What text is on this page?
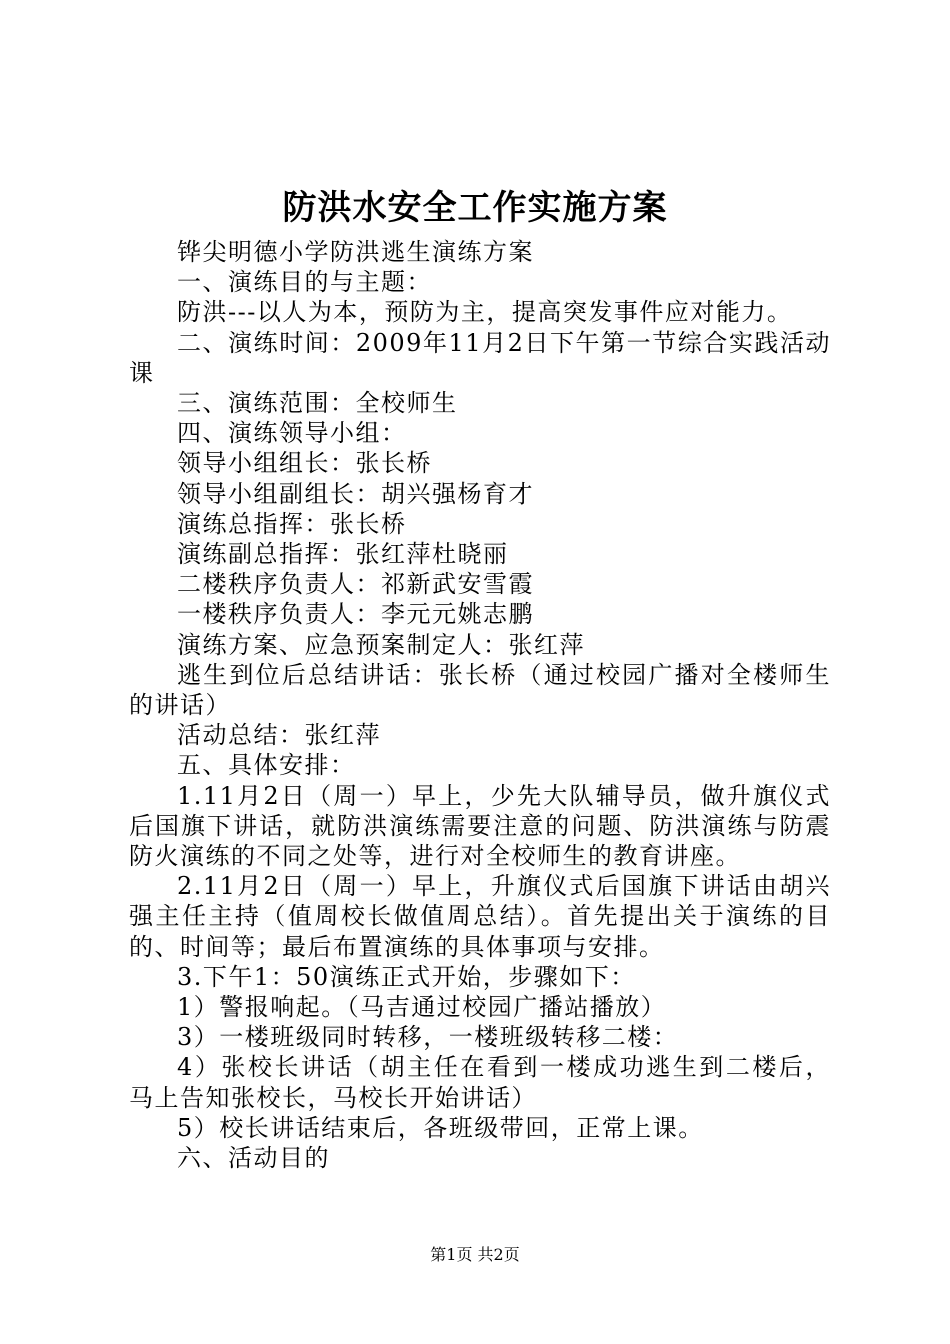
防洪水安全工作实施方案

铧尖明德小学防洪逃生演练方案

一、演练目的与主题：

防洪---以人为本，预防为主，提高突发事件应对能力。

二、演练时间：2009年11月2日下午第一节综合实践活动课

三、演练范围：全校师生

四、演练领导小组：

领导小组组长：张长桥

领导小组副组长：胡兴强杨育才

演练总指挥：张长桥

演练副总指挥：张红萍杜晓丽

二楼秩序负责人：祁新武安雪霞

一楼秩序负责人：李元元姚志鹏

演练方案、应急预案制定人：张红萍

逃生到位后总结讲话：张长桥（通过校园广播对全楼师生的讲话）

活动总结：张红萍

五、具体安排：

1.11月2日（周一）早上，少先大队辅导员，做升旗仪式后国旗下讲话，就防洪演练需要注意的问题、防洪演练与防震防火演练的不同之处等，进行对全校师生的教育讲座。

2.11月2日（周一）早上，升旗仪式后国旗下讲话由胡兴强主任主持（值周校长做值周总结）。首先提出关于演练的目的、时间等；最后布置演练的具体事项与安排。

3.下午1：50演练正式开始，步骤如下：

1）警报响起。（马吉通过校园广播站播放）

3）一楼班级同时转移，一楼班级转移二楼：

4）张校长讲话（胡主任在看到一楼成功逃生到二楼后，马上告知张校长，马校长开始讲话）

5）校长讲话结束后，各班级带回，正常上课。

六、活动目的

第1页 共2页
